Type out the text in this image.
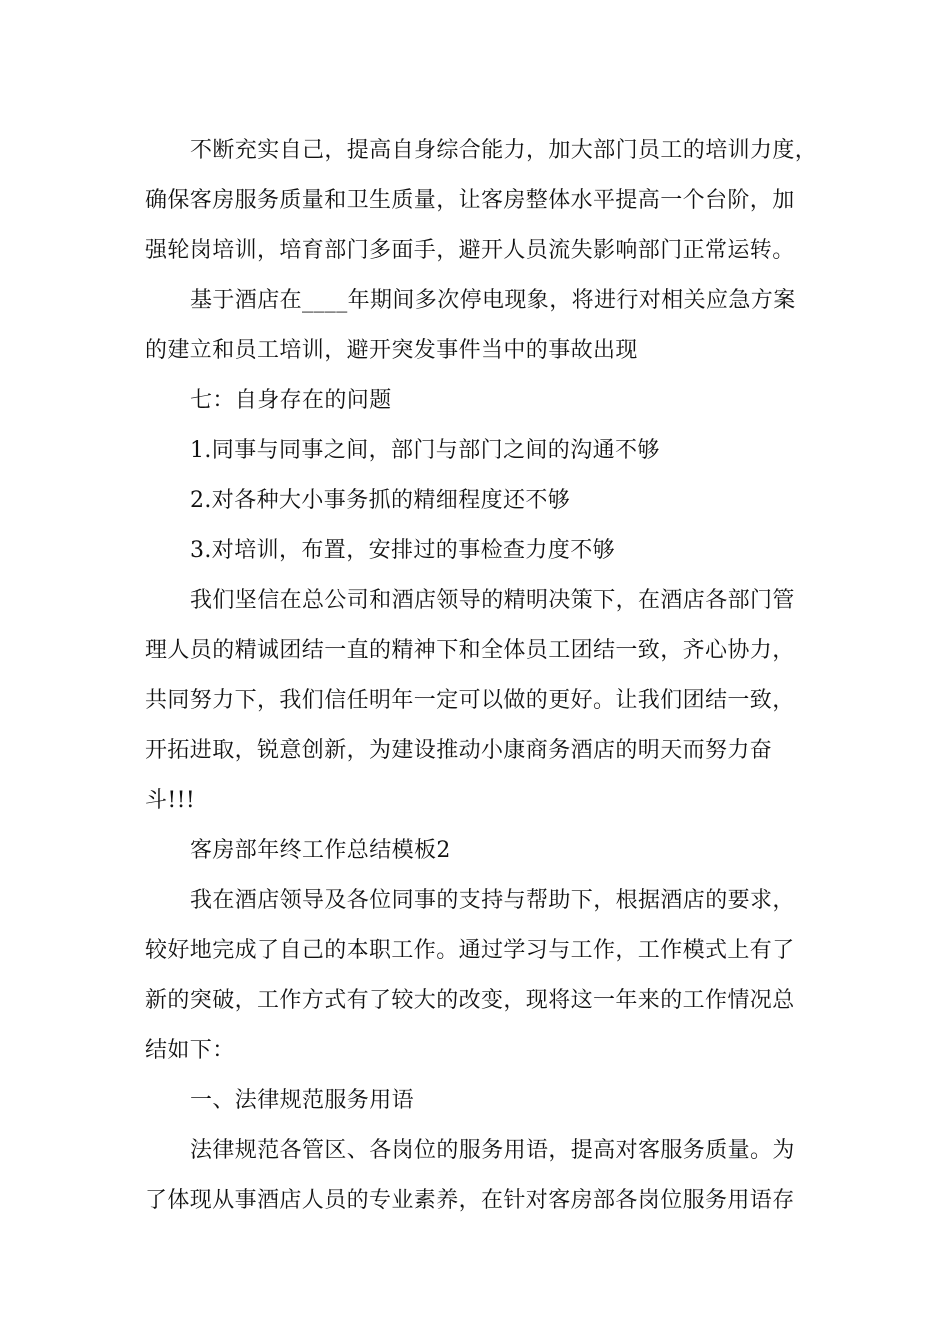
不断充实自己，提高自身综合能力，加大部门员工的培训力度，
确保客房服务质量和卫生质量，让客房整体水平提高一个台阶，加
强轮岗培训，培育部门多面手，避开人员流失影响部门正常运转。
基于酒店在____年期间多次停电现象，将进行对相关应急方案
的建立和员工培训，避开突发事件当中的事故出现
七：自身存在的问题
1.同事与同事之间，部门与部门之间的沟通不够
2.对各种大小事务抓的精细程度还不够
3.对培训，布置，安排过的事检查力度不够
我们坚信在总公司和酒店领导的精明决策下，在酒店各部门管
理人员的精诚团结一直的精神下和全体员工团结一致，齐心协力，
共同努力下，我们信任明年一定可以做的更好。让我们团结一致，
开拓进取，锐意创新，为建设推动小康商务酒店的明天而努力奋
斗!!!
客房部年终工作总结模板2
我在酒店领导及各位同事的支持与帮助下，根据酒店的要求，
较好地完成了自己的本职工作。通过学习与工作，工作模式上有了
新的突破，工作方式有了较大的改变，现将这一年来的工作情况总
结如下：
一、法律规范服务用语
法律规范各管区、各岗位的服务用语，提高对客服务质量。为
了体现从事酒店人员的专业素养，在针对客房部各岗位服务用语存
